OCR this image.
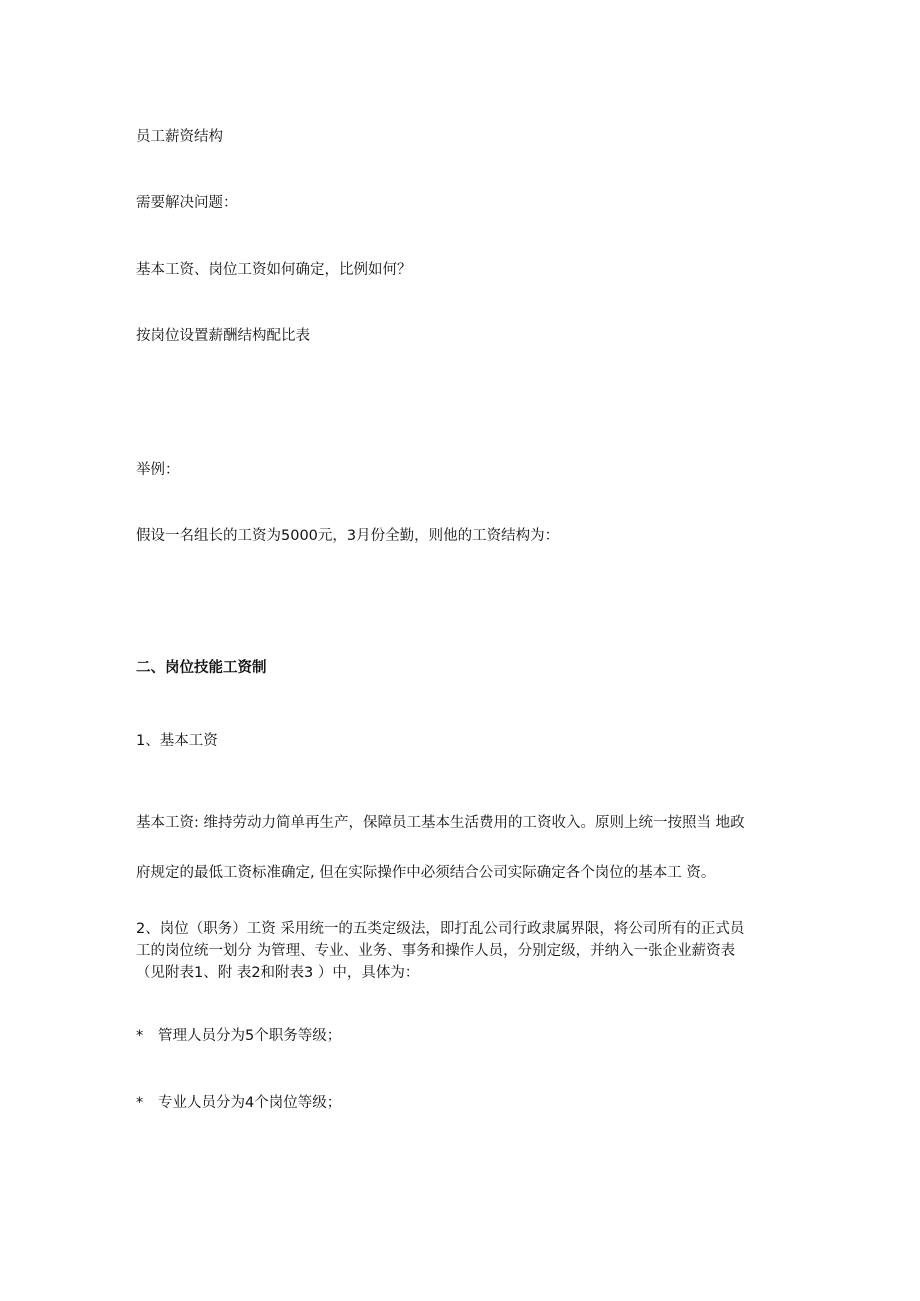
员工薪资结构

需要解决问题：

基本工资、岗位工资如何确定，比例如何？

按岗位设置薪酬结构配比表

举例：

假设一名组长的工资为5000元，3月份全勤，则他的工资结构为：

二、岗位技能工资制

1、基本工资

基本工资: 维持劳动力简单再生产，保障员工基本生活费用的工资收入。原则上统一按照当 地政
府规定的最低工资标准确定, 但在实际操作中必须结合公司实际确定各个岗位的基本工 资。
2、岗位（职务）工资 采用统一的五类定级法，即打乱公司行政隶属界限，将公司所有的正式员
工的岗位统一划分 为管理、专业、业务、事务和操作人员，分别定级，并纳入一张企业薪资表
（见附表1、附 表2和附表3 ）中，具体为：

* 管理人员分为5个职务等级；

* 专业人员分为4个岗位等级；
